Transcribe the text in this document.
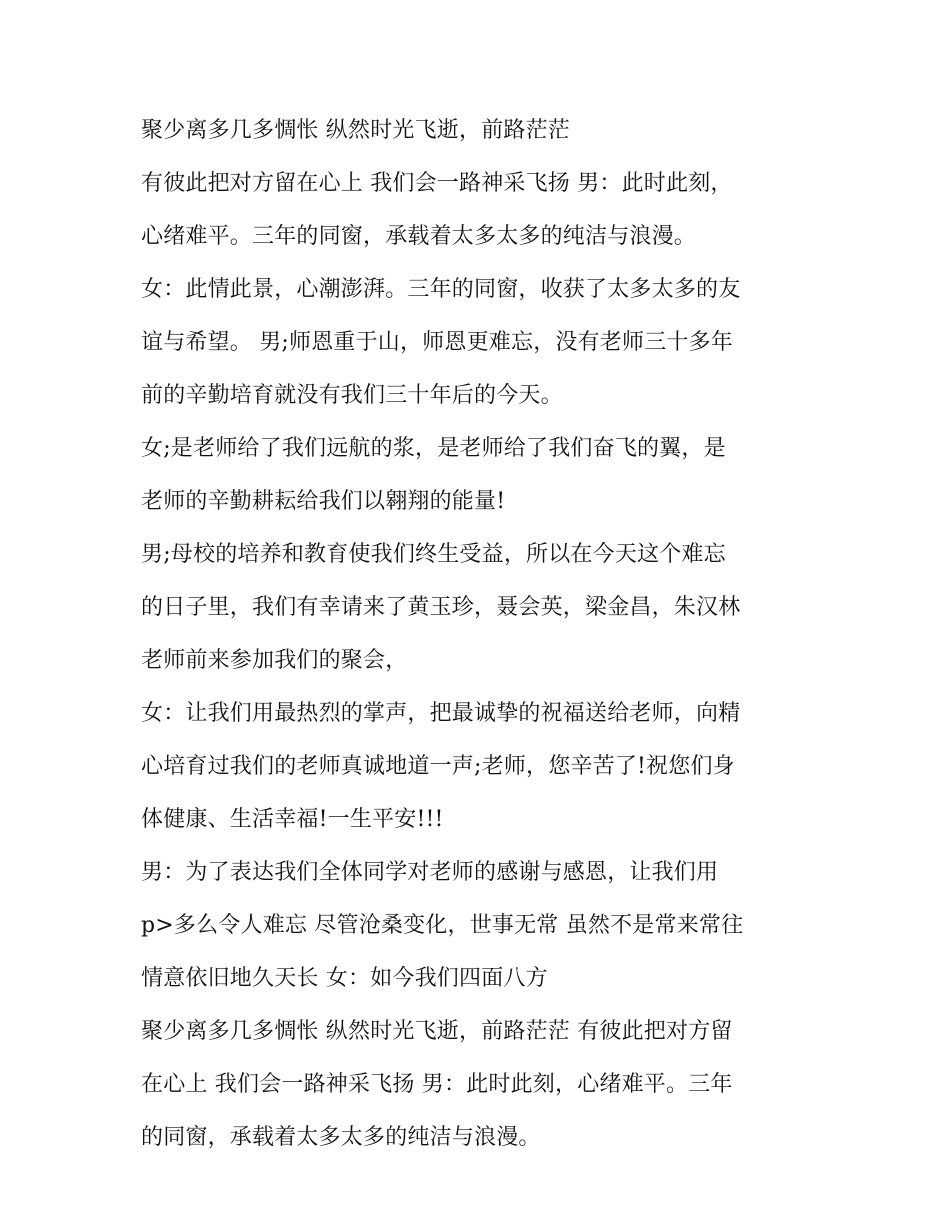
聚少离多几多惆怅 纵然时光飞逝，前路茫茫
有彼此把对方留在心上 我们会一路神采飞扬 男：此时此刻，
心绪难平。三年的同窗，承载着太多太多的纯洁与浪漫。
女：此情此景，心潮澎湃。三年的同窗，收获了太多太多的友
谊与希望。 男;师恩重于山，师恩更难忘，没有老师三十多年
前的辛勤培育就没有我们三十年后的今天。
女;是老师给了我们远航的浆，是老师给了我们奋飞的翼，是
老师的辛勤耕耘给我们以翱翔的能量!
男;母校的培养和教育使我们终生受益，所以在今天这个难忘
的日子里，我们有幸请来了黄玉珍，聂会英，梁金昌，朱汉林
老师前来参加我们的聚会，
女：让我们用最热烈的掌声，把最诚挚的祝福送给老师，向精
心培育过我们的老师真诚地道一声;老师，您辛苦了!祝您们身
体健康、生活幸福!一生平安!!!
男：为了表达我们全体同学对老师的感谢与感恩，让我们用
p>多么令人难忘 尽管沧桑变化，世事无常 虽然不是常来常往
情意依旧地久天长 女：如今我们四面八方
聚少离多几多惆怅 纵然时光飞逝，前路茫茫 有彼此把对方留
在心上 我们会一路神采飞扬 男：此时此刻，心绪难平。三年
的同窗，承载着太多太多的纯洁与浪漫。
